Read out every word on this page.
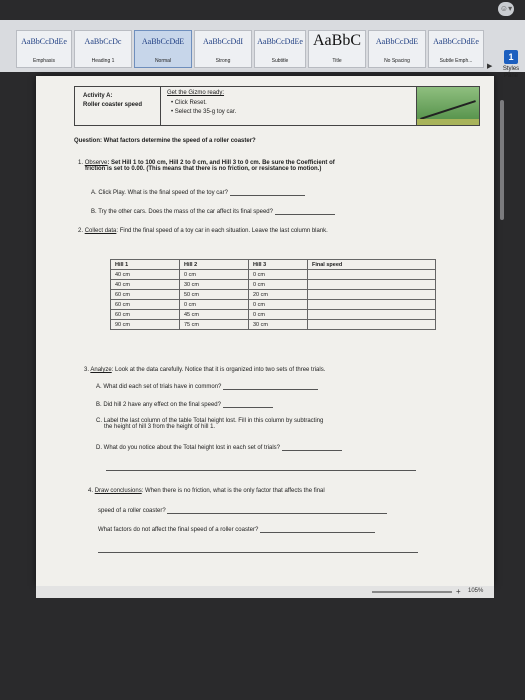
☺▾
AaBbCcDdEe
Emphasis
AaBbCcDc
Heading 1
AaBbCcDdE
Normal
AaBbCcDdI
Strong
AaBbCcDdEe
Subtitle
AaBbC
Title
AaBbCcDdE
No Spacing
AaBbCcDdEe
Subtle Emph...
▶
1
Styles
Pane
Activity A:
Roller coaster speed
Get the Gizmo ready:
• Click Reset.
• Select the 35-g toy car.
Question: What factors determine the speed of a roller coaster?
1. Observe: Set Hill 1 to 100 cm, Hill 2 to 0 cm, and Hill 3 to 0 cm. Be sure the Coefficient of
friction is set to 0.00. (This means that there is no friction, or resistance to motion.)
A. Click Play. What is the final speed of the toy car?
B. Try the other cars. Does the mass of the car affect its final speed?
2. Collect data: Find the final speed of a toy car in each situation. Leave the last column blank.
Hill 1	Hill 2	Hill 3	Final speed
40 cm	0 cm	0 cm	
40 cm	30 cm	0 cm	
60 cm	50 cm	20 cm	
60 cm	0 cm	0 cm	
60 cm	45 cm	0 cm	
90 cm	75 cm	30 cm	
3. Analyze: Look at the data carefully. Notice that it is organized into two sets of three trials.
A. What did each set of trials have in common?
B. Did hill 2 have any effect on the final speed?
C. Label the last column of the table Total height lost. Fill in this column by subtracting
the height of hill 3 from the height of hill 1.
D. What do you notice about the Total height lost in each set of trials?
4. Draw conclusions: When there is no friction, what is the only factor that affects the final
speed of a roller coaster?
What factors do not affect the final speed of a roller coaster?
+ 105%
